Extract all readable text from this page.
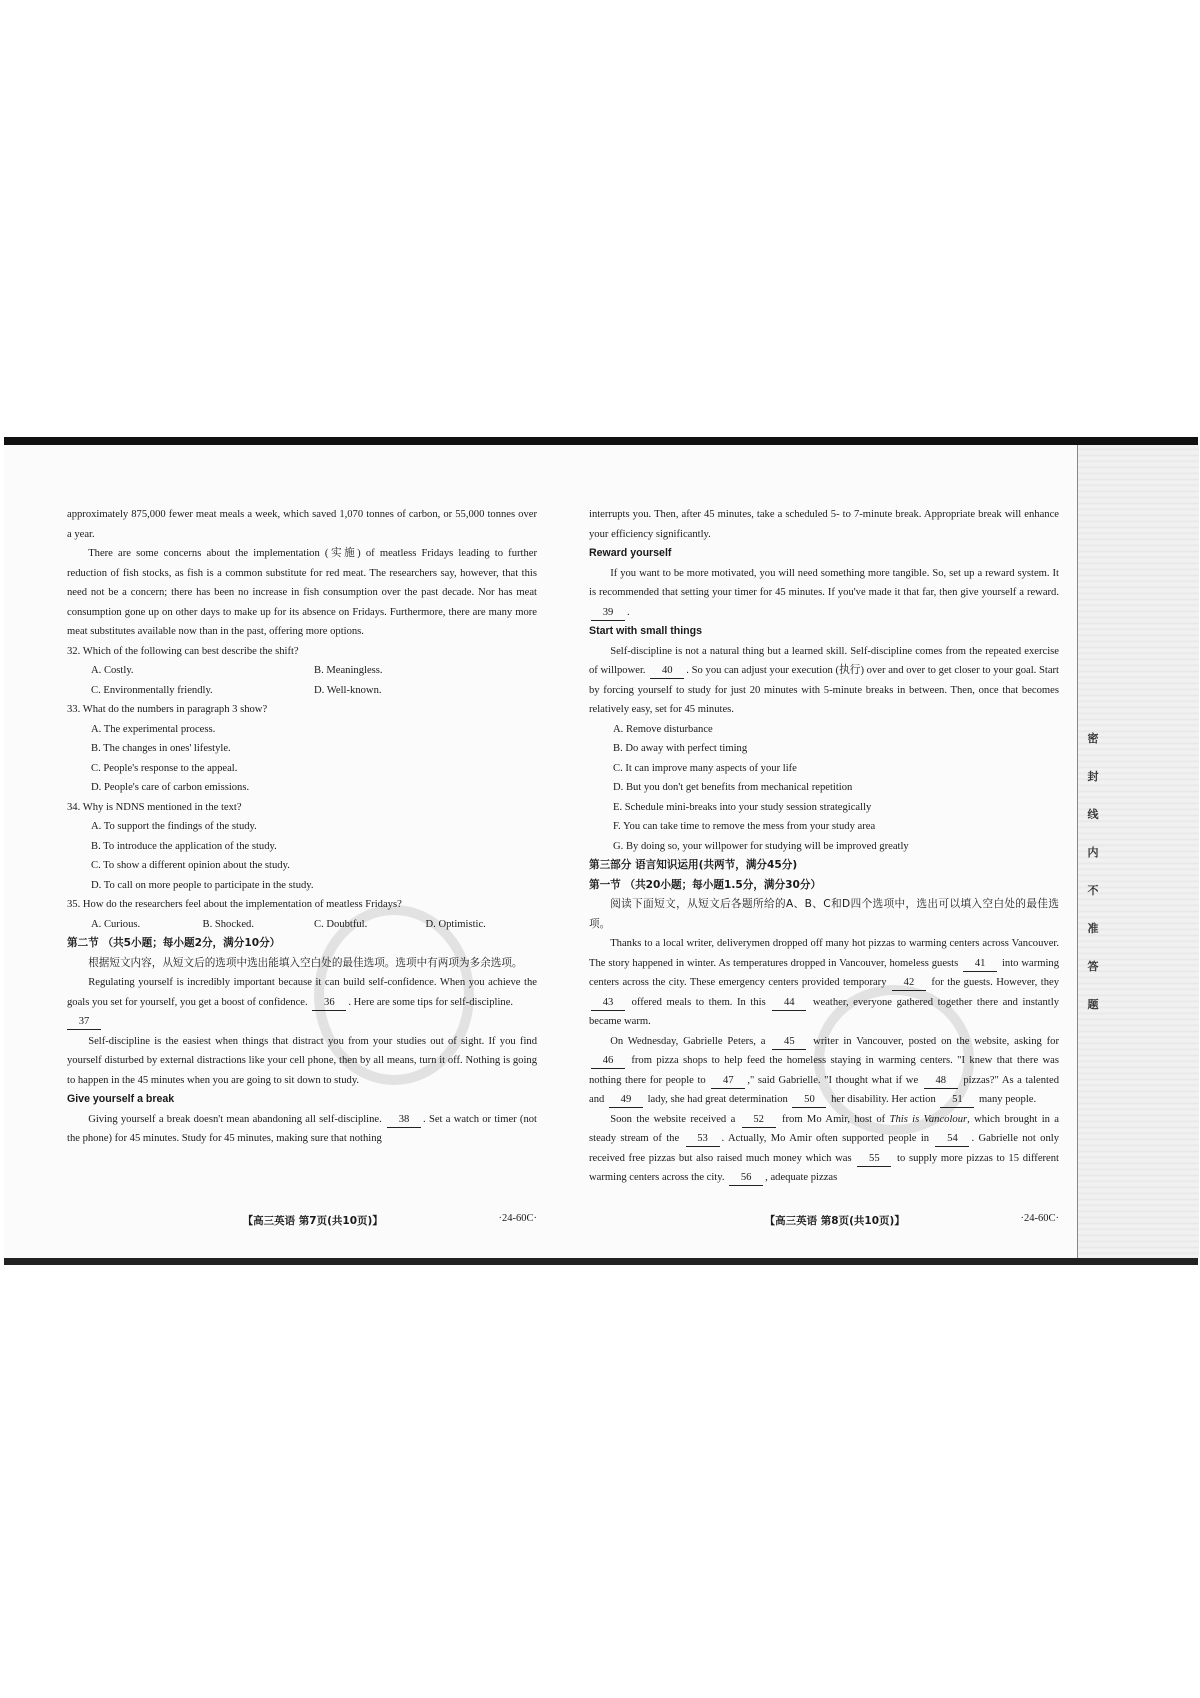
approximately 875,000 fewer meat meals a week, which saved 1,070 tonnes of carbon, or 55,000 tonnes over a year.

There are some concerns about the implementation (实施) of meatless Fridays leading to further reduction of fish stocks, as fish is a common substitute for red meat. The researchers say, however, that this need not be a concern; there has been no increase in fish consumption over the past decade. Nor has meat consumption gone up on other days to make up for its absence on Fridays. Furthermore, there are many more meat substitutes available now than in the past, offering more options.

32. Which of the following can best describe the shift?

A. Costly.	B. Meaningless.
C. Environmentally friendly.	D. Well-known.

33. What do the numbers in paragraph 3 show?

A. The experimental process.

B. The changes in ones' lifestyle.

C. People's response to the appeal.

D. People's care of carbon emissions.

34. Why is NDNS mentioned in the text?

A. To support the findings of the study.

B. To introduce the application of the study.

C. To show a different opinion about the study.

D. To call on more people to participate in the study.

35. How do the researchers feel about the implementation of meatless Fridays?

A. Curious.	B. Shocked.	C. Doubtful.	D. Optimistic.

第二节 （共5小题；每小题2分，满分10分）

根据短文内容，从短文后的选项中选出能填入空白处的最佳选项。选项中有两项为多余选项。

Regulating yourself is incredibly important because it can build self-confidence. When you achieve the goals you set for yourself, you get a boost of confidence. 36 . Here are some tips for self-discipline.

37

Self-discipline is the easiest when things that distract you from your studies out of sight. If you find yourself disturbed by external distractions like your cell phone, then by all means, turn it off. Nothing is going to happen in the 45 minutes when you are going to sit down to study.

Give yourself a break

Giving yourself a break doesn't mean abandoning all self-discipline. 38 . Set a watch or timer (not the phone) for 45 minutes. Study for 45 minutes, making sure that nothing

【高三英语 第7页(共10页)】	·24-60C·

interrupts you. Then, after 45 minutes, take a scheduled 5- to 7-minute break. Appropriate break will enhance your efficiency significantly.

Reward yourself

If you want to be more motivated, you will need something more tangible. So, set up a reward system. It is recommended that setting your timer for 45 minutes. If you've made it that far, then give yourself a reward. 39 .

Start with small things

Self-discipline is not a natural thing but a learned skill. Self-discipline comes from the repeated exercise of willpower. 40 . So you can adjust your execution (执行) over and over to get closer to your goal. Start by forcing yourself to study for just 20 minutes with 5-minute breaks in between. Then, once that becomes relatively easy, set for 45 minutes.

A. Remove disturbance

B. Do away with perfect timing

C. It can improve many aspects of your life

D. But you don't get benefits from mechanical repetition

E. Schedule mini-breaks into your study session strategically

F. You can take time to remove the mess from your study area

G. By doing so, your willpower for studying will be improved greatly

第三部分 语言知识运用(共两节，满分45分)

第一节 （共20小题；每小题1.5分，满分30分）

阅读下面短文，从短文后各题所给的A、B、C和D四个选项中，选出可以填入空白处的最佳选项。

Thanks to a local writer, deliverymen dropped off many hot pizzas to warming centers across Vancouver. The story happened in winter. As temperatures dropped in Vancouver, homeless guests 41 into warming centers across the city. These emergency centers provided temporary 42 for the guests. However, they 43 offered meals to them. In this 44 weather, everyone gathered together there and instantly became warm.

On Wednesday, Gabrielle Peters, a 45 writer in Vancouver, posted on the website, asking for 46 from pizza shops to help feed the homeless staying in warming centers. "I knew that there was nothing there for people to 47 ," said Gabrielle. "I thought what if we 48 pizzas?" As a talented and 49 lady, she had great determination 50 her disability. Her action 51 many people.

Soon the website received a 52 from Mo Amir, host of This is Vancolour, which brought in a steady stream of the 53 . Actually, Mo Amir often supported people in 54 . Gabrielle not only received free pizzas but also raised much money which was 55 to supply more pizzas to 15 different warming centers across the city. 56 , adequate pizzas

【高三英语 第8页(共10页)】	·24-60C·
密
封
线
内
不
准
答
题
